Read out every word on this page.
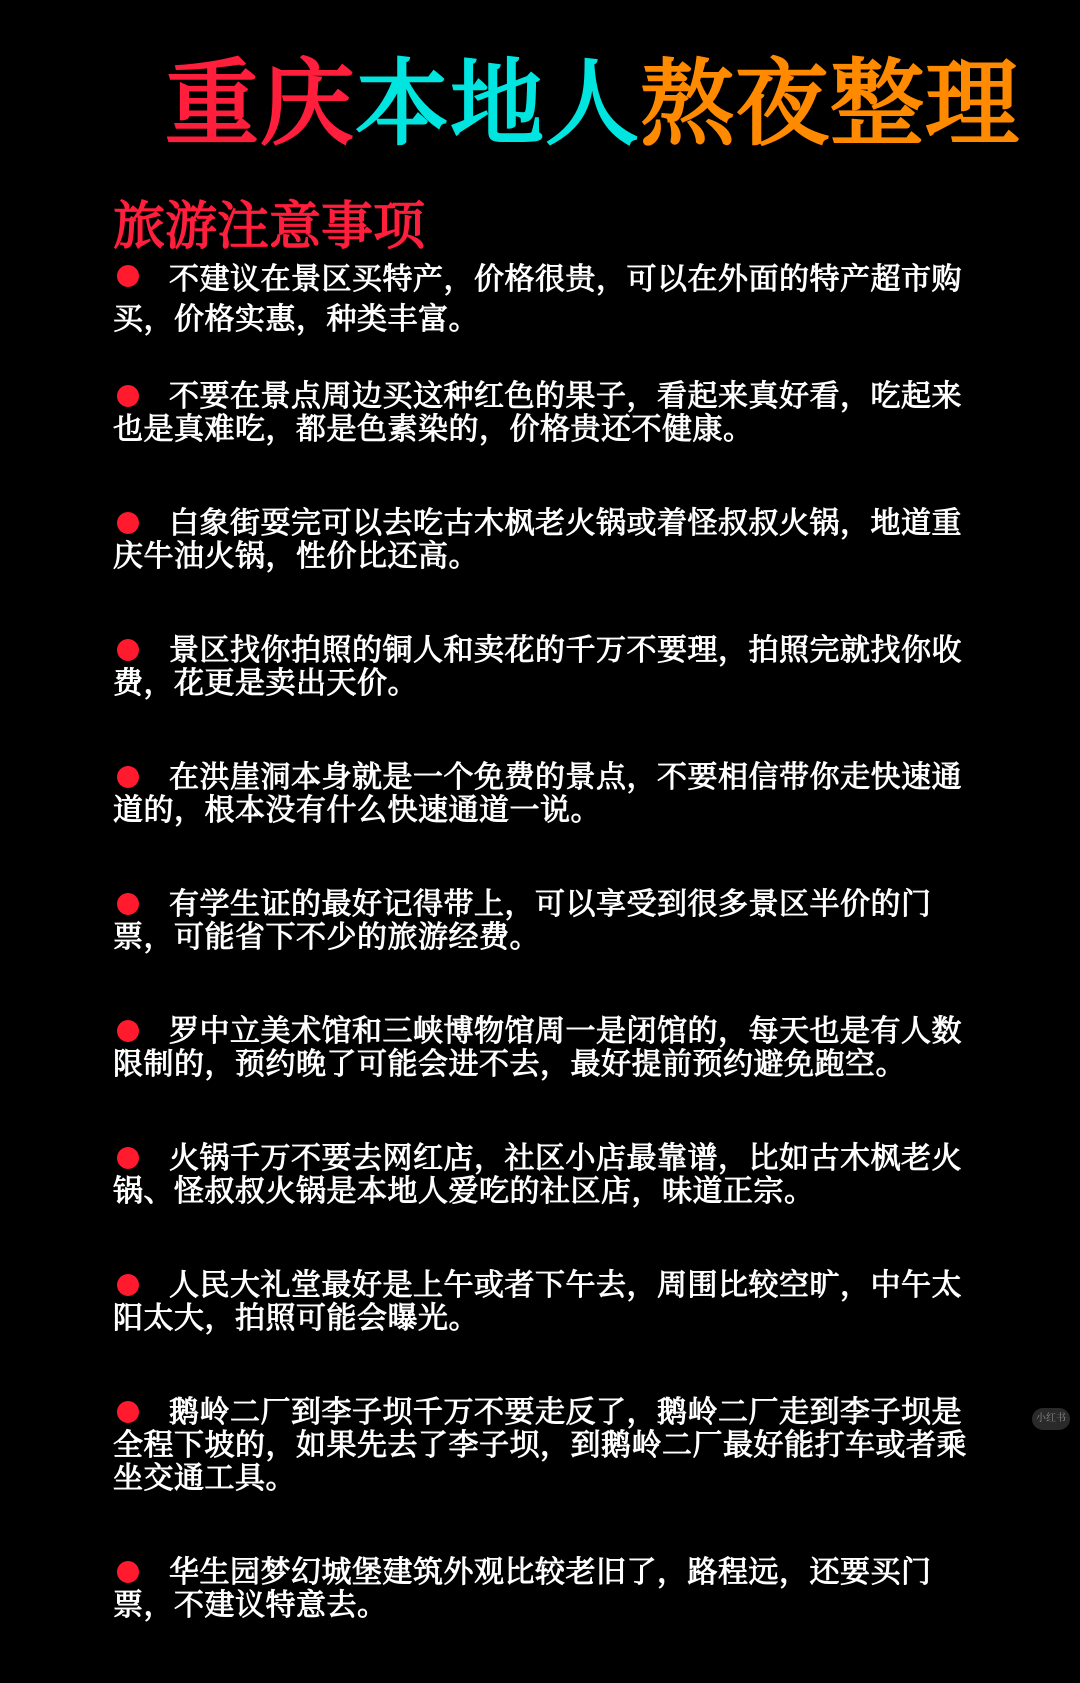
重庆本地人熬夜整理
旅游注意事项
不建议在景区买特产，价格很贵，可以在外面的特产超市购买，价格实惠，种类丰富。
不要在景点周边买这种红色的果子，看起来真好看，吃起来也是真难吃，都是色素染的，价格贵还不健康。
白象街耍完可以去吃古木枫老火锅或着怪叔叔火锅，地道重庆牛油火锅，性价比还高。
景区找你拍照的铜人和卖花的千万不要理，拍照完就找你收费，花更是卖出天价。
在洪崖洞本身就是一个免费的景点，不要相信带你走快速通道的，根本没有什么快速通道一说。
有学生证的最好记得带上，可以享受到很多景区半价的门票，可能省下不少的旅游经费。
罗中立美术馆和三峡博物馆周一是闭馆的，每天也是有人数限制的，预约晚了可能会进不去，最好提前预约避免跑空。
火锅千万不要去网红店，社区小店最靠谱，比如古木枫老火锅、怪叔叔火锅是本地人爱吃的社区店，味道正宗。
人民大礼堂最好是上午或者下午去，周围比较空旷，中午太阳太大，拍照可能会曝光。
鹅岭二厂到李子坝千万不要走反了，鹅岭二厂走到李子坝是全程下坡的，如果先去了李子坝，到鹅岭二厂最好能打车或者乘坐交通工具。
华生园梦幻城堡建筑外观比较老旧了，路程远，还要买门票，不建议特意去。
小红书
